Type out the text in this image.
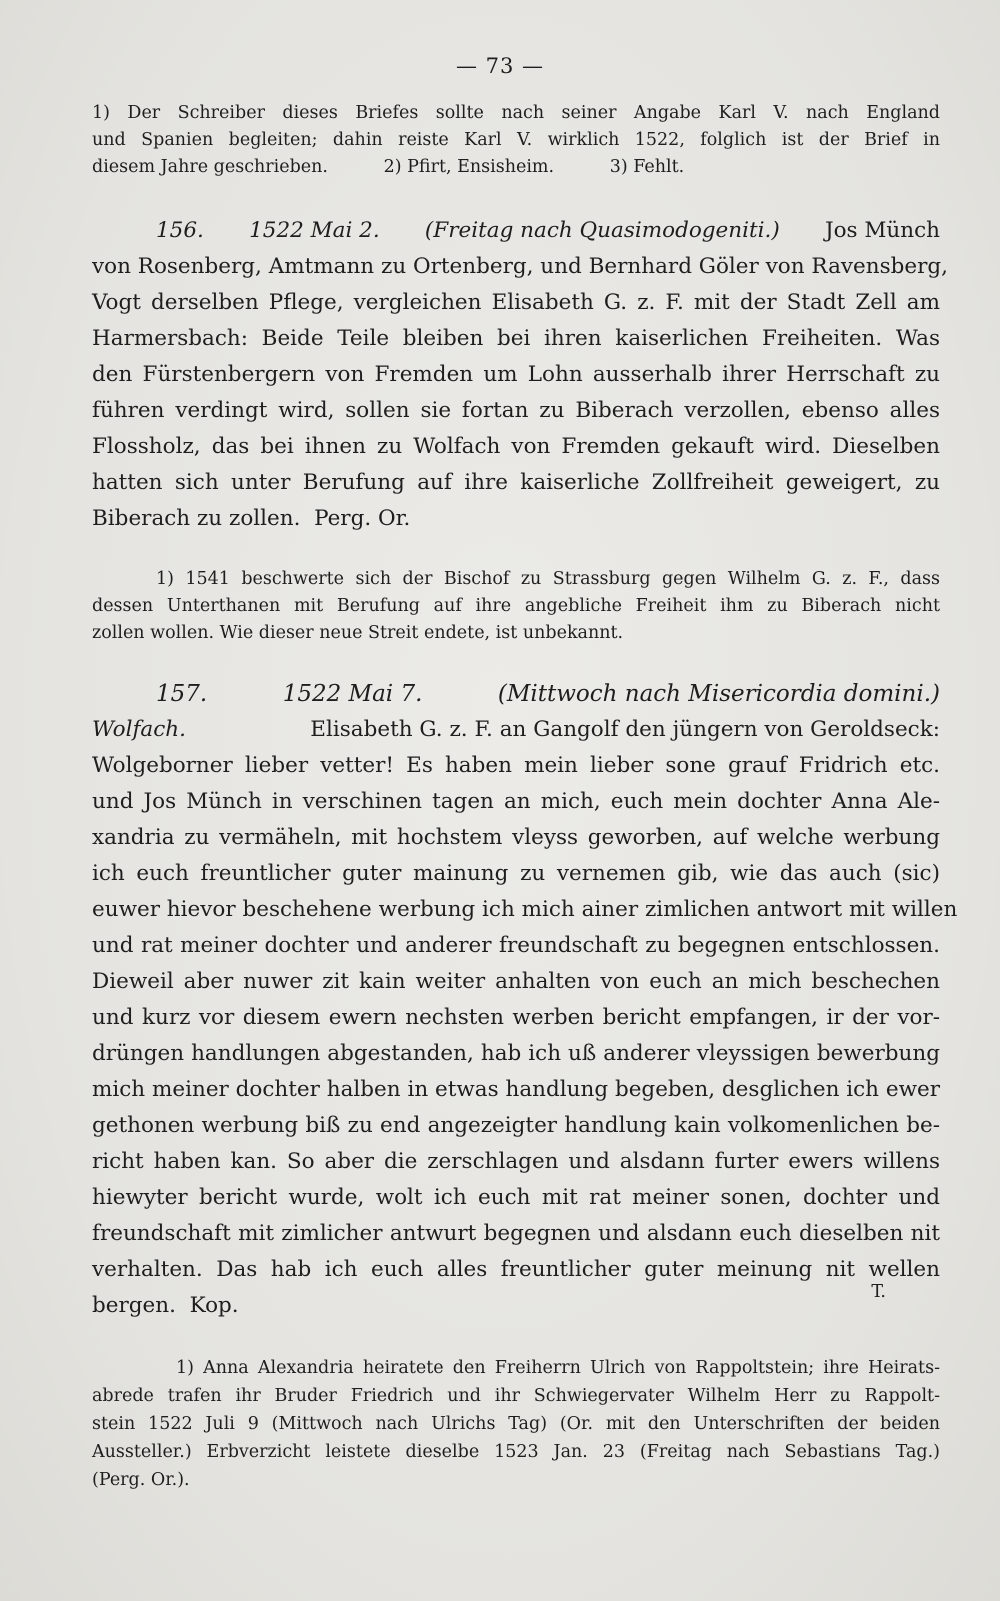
— 73 —
1) Der Schreiber dieses Briefes sollte nach seiner Angabe Karl V. nach England
und Spanien begleiten; dahin reiste Karl V. wirklich 1522, folglich ist der Brief in
diesem Jahre geschrieben.          2) Pfirt, Ensisheim.          3) Fehlt.
156. 1522 Mai 2. (Freitag nach Quasimodogeniti.) Jos Münch
von Rosenberg, Amtmann zu Ortenberg, und Bernhard Göler von Ravensberg,
Vogt derselben Pflege, vergleichen Elisabeth G. z. F. mit der Stadt Zell am
Harmersbach: Beide Teile bleiben bei ihren kaiserlichen Freiheiten. Was
den Fürstenbergern von Fremden um Lohn ausserhalb ihrer Herrschaft zu
führen verdingt wird, sollen sie fortan zu Biberach verzollen, ebenso alles
Flossholz, das bei ihnen zu Wolfach von Fremden gekauft wird. Dieselben
hatten sich unter Berufung auf ihre kaiserliche Zollfreiheit geweigert, zu
Biberach zu zollen.  Perg. Or.
1) 1541 beschwerte sich der Bischof zu Strassburg gegen Wilhelm G. z. F., dass
dessen Unterthanen mit Berufung auf ihre angebliche Freiheit ihm zu Biberach nicht
zollen wollen. Wie dieser neue Streit endete, ist unbekannt.
157.	1522 Mai 7.	(Mittwoch nach Misericordia domini.)
Wolfach.	Elisabeth G. z. F. an Gangolf den jüngern von Geroldseck:
Wolgeborner lieber vetter! Es haben mein lieber sone grauf Fridrich etc.
und Jos Münch in verschinen tagen an mich, euch mein dochter Anna Ale-
xandria zu vermäheln, mit hochstem vleyss geworben, auf welche werbung
ich euch freuntlicher guter mainung zu vernemen gib, wie das auch (sic)
euwer hievor beschehene werbung ich mich ainer zimlichen antwort mit willen
und rat meiner dochter und anderer freundschaft zu begegnen entschlossen.
Dieweil aber nuwer zit kain weiter anhalten von euch an mich beschechen
und kurz vor diesem ewern nechsten werben bericht empfangen, ir der vor-
drüngen handlungen abgestanden, hab ich uß anderer vleyssigen bewerbung
mich meiner dochter halben in etwas handlung begeben, desglichen ich ewer
gethonen werbung biß zu end angezeigter handlung kain volkomenlichen be-
richt haben kan. So aber die zerschlagen und alsdann furter ewers willens
hiewyter bericht wurde, wolt ich euch mit rat meiner sonen, dochter und
freundschaft mit zimlicher antwurt begegnen und alsdann euch dieselben nit
verhalten. Das hab ich euch alles freuntlicher guter meinung nit wellen
bergen.  Kop.
T.
1) Anna Alexandria heiratete den Freiherrn Ulrich von Rappoltstein; ihre Heirats-
abrede trafen ihr Bruder Friedrich und ihr Schwiegervater Wilhelm Herr zu Rappolt-
stein 1522 Juli 9 (Mittwoch nach Ulrichs Tag) (Or. mit den Unterschriften der beiden
Aussteller.) Erbverzicht leistete dieselbe 1523 Jan. 23 (Freitag nach Sebastians Tag.)
(Perg. Or.).
